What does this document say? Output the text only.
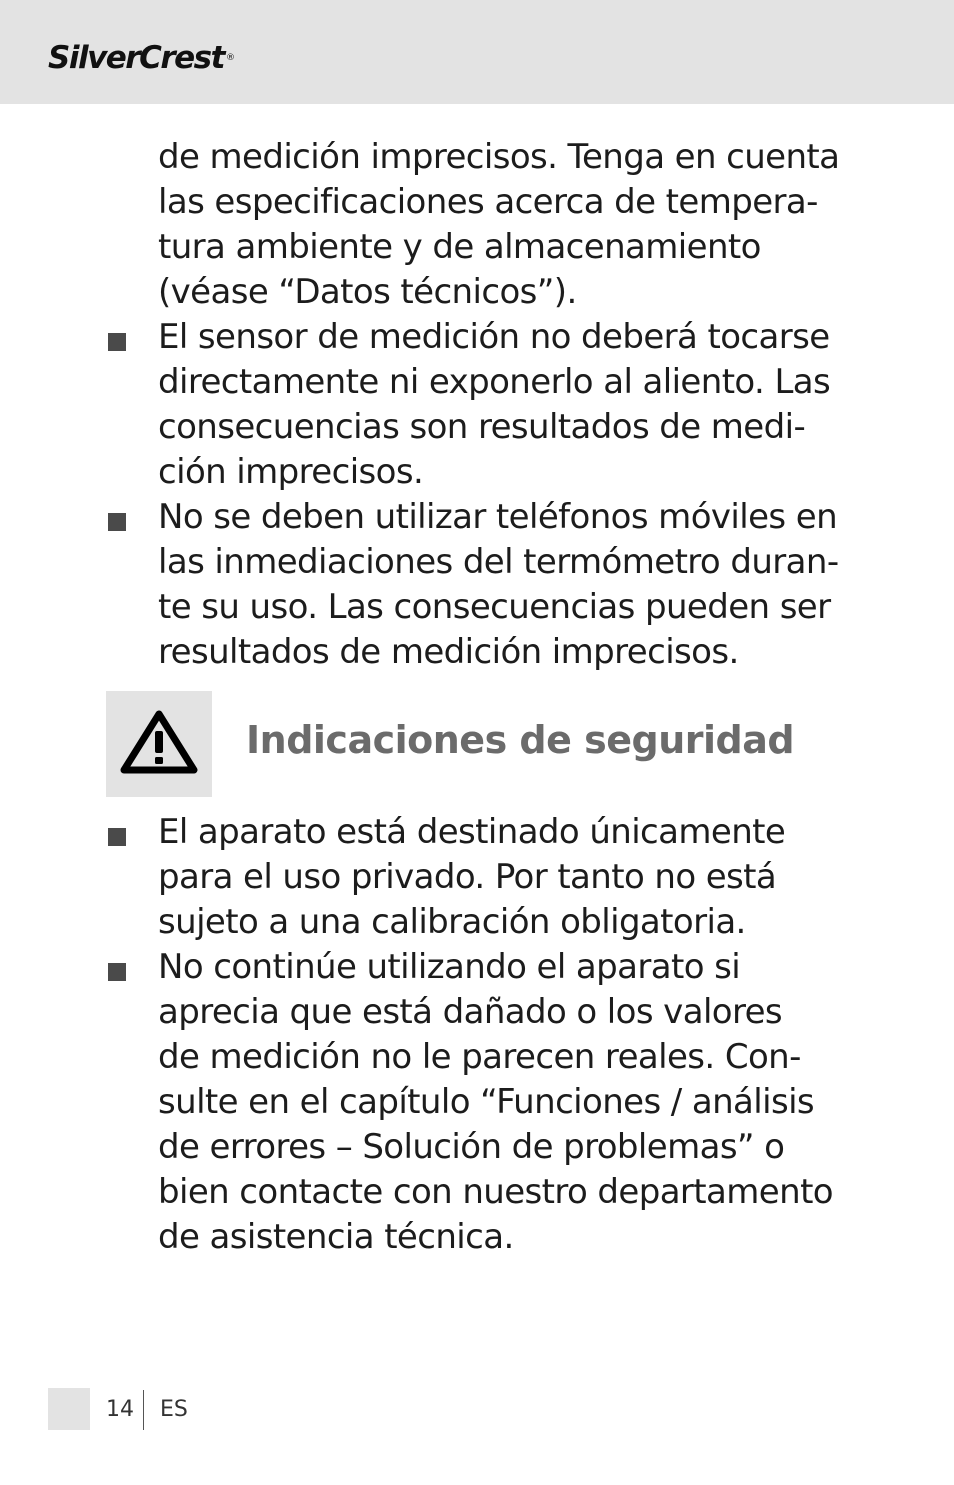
SilverCrest ®
de medición imprecisos. Tenga en cuenta
las especificaciones acerca de tempera-
tura ambiente y de almacenamiento
(véase “Datos técnicos”).
El sensor de medición no deberá tocarse
directamente ni exponerlo al aliento. Las
consecuencias son resultados de medi-
ción imprecisos.
No se deben utilizar teléfonos móviles en
las inmediaciones del termómetro duran-
te su uso. Las consecuencias pueden ser
resultados de medición imprecisos.
El aparato está destinado únicamente
para el uso privado. Por tanto no está
sujeto a una calibración obligatoria.
No continúe utilizando el aparato si
aprecia que está dañado o los valores
de medición no le parecen reales. Con-
sulte en el capítulo “Funciones / análisis
de errores – Solución de problemas” o
bien contacte con nuestro departamento
de asistencia técnica.
Indicaciones de seguridad
14 ES
